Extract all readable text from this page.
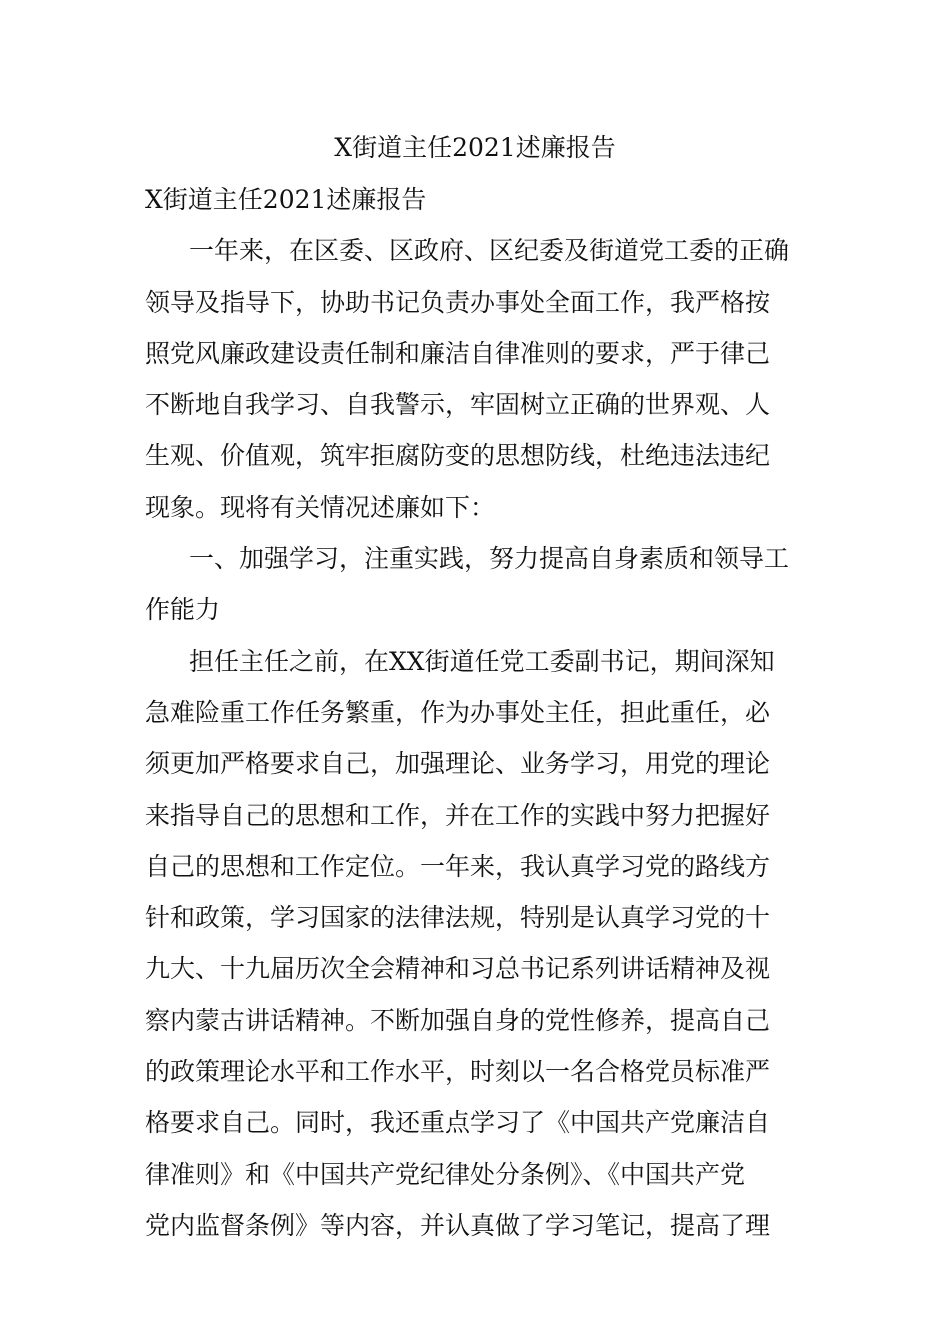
X街道主任2021述廉报告
X街道主任2021述廉报告
一年来，在区委、区政府、区纪委及街道党工委的正确
领导及指导下，协助书记负责办事处全面工作，我严格按
照党风廉政建设责任制和廉洁自律准则的要求，严于律己
不断地自我学习、自我警示，牢固树立正确的世界观、人
生观、价值观，筑牢拒腐防变的思想防线，杜绝违法违纪
现象。现将有关情况述廉如下：
一、加强学习，注重实践，努力提高自身素质和领导工
作能力
担任主任之前，在XX街道任党工委副书记，期间深知
急难险重工作任务繁重，作为办事处主任，担此重任，必
须更加严格要求自己，加强理论、业务学习，用党的理论
来指导自己的思想和工作，并在工作的实践中努力把握好
自己的思想和工作定位。一年来，我认真学习党的路线方
针和政策，学习国家的法律法规，特别是认真学习党的十
九大、十九届历次全会精神和习总书记系列讲话精神及视
察内蒙古讲话精神。不断加强自身的党性修养，提高自己
的政策理论水平和工作水平，时刻以一名合格党员标准严
格要求自己。同时，我还重点学习了《中国共产党廉洁自
律准则》和《中国共产党纪律处分条例》、《中国共产党
党内监督条例》等内容，并认真做了学习笔记，提高了理
